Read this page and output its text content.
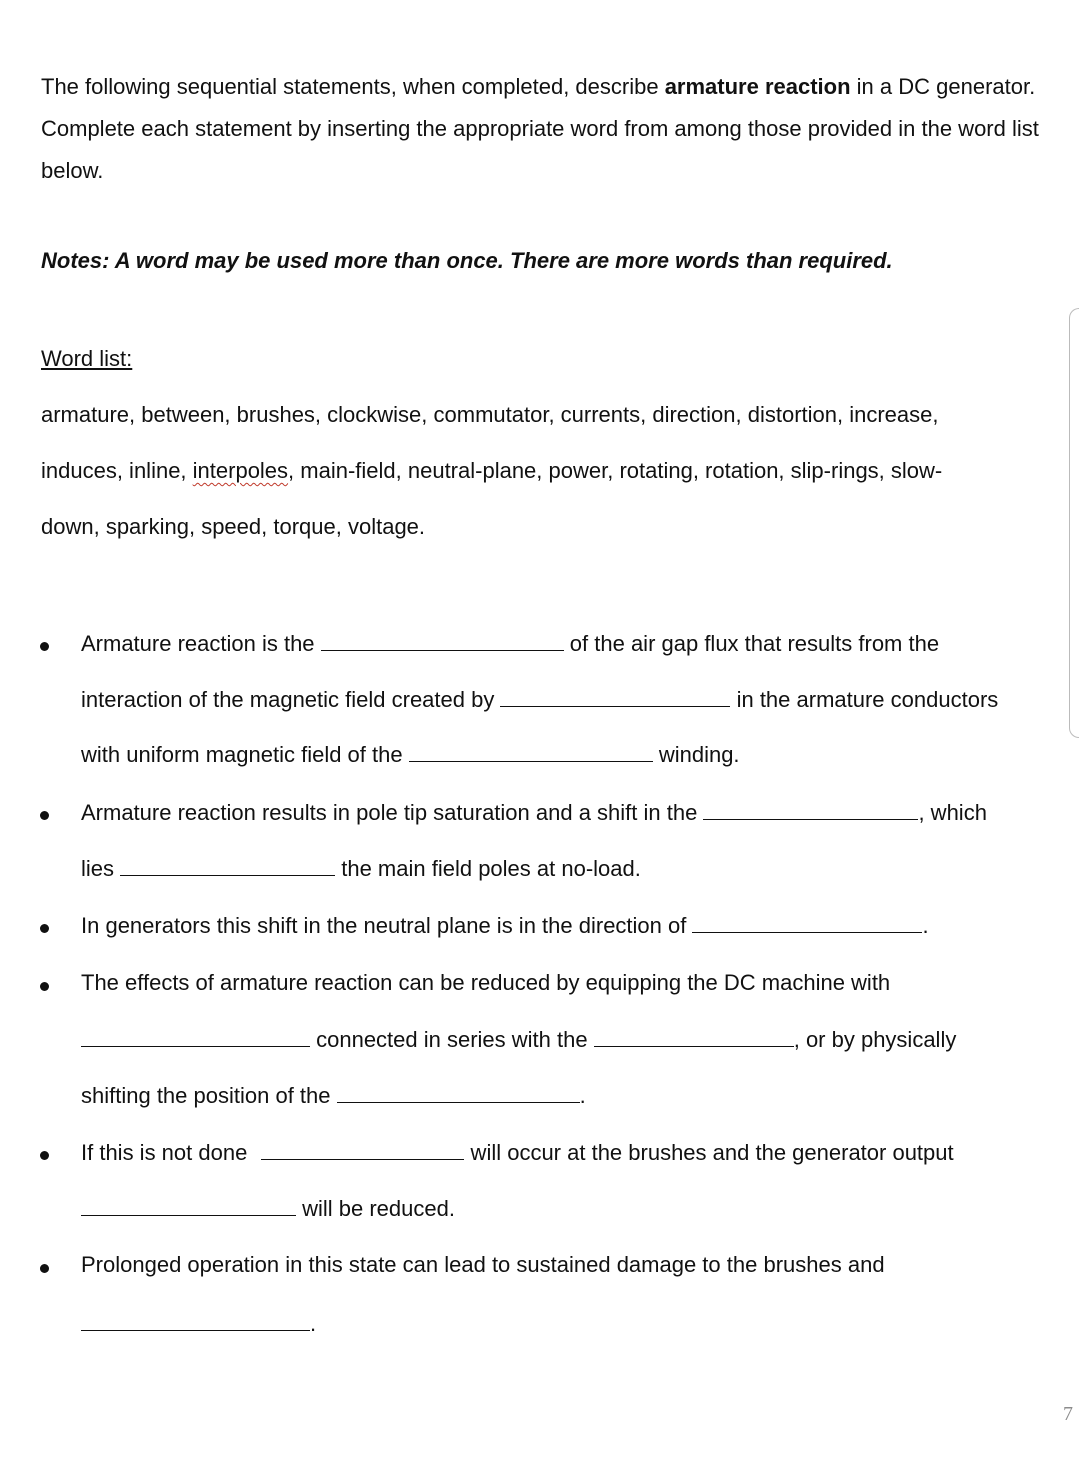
The following sequential statements, when completed, describe armature reaction in a DC generator. Complete each statement by inserting the appropriate word from among those provided in the word list below.
Notes: A word may be used more than once. There are more words than required.
Word list:
armature, between, brushes, clockwise, commutator, currents, direction, distortion, increase,
induces, inline, interpoles, main-field, neutral-plane, power, rotating, rotation, slip-rings, slow-
down, sparking, speed, torque, voltage.
Armature reaction is the	of the air gap flux that results from the
interaction of the magnetic field created by	in the armature conductors
with uniform magnetic field of the	winding.
Armature reaction results in pole tip saturation and a shift in the	, which
lies	the main field poles at no-load.
In generators this shift in the neutral plane is in the direction of	.
The effects of armature reaction can be reduced by equipping the DC machine with
connected in series with the	, or by physically
shifting the position of the	.
If this is not done	will occur at the brushes and the generator output
will be reduced.
Prolonged operation in this state can lead to sustained damage to the brushes and
.
7
